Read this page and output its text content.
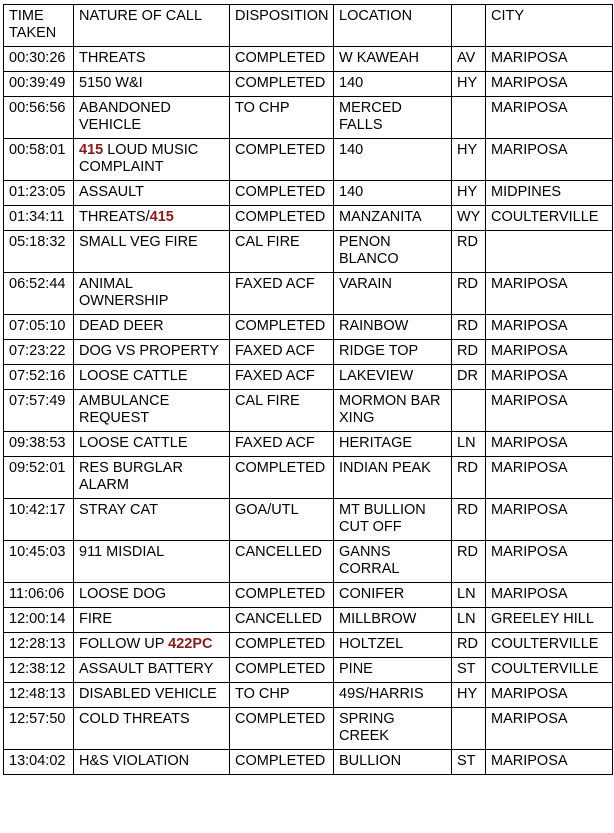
TIME TAKEN	NATURE OF CALL	DISPOSITION	LOCATION		CITY
00:30:26	THREATS	COMPLETED	W KAWEAH	AV	MARIPOSA
00:39:49	5150 W&I	COMPLETED	140	HY	MARIPOSA
00:56:56	ABANDONED VEHICLE	TO CHP	MERCED FALLS		MARIPOSA
00:58:01	415 LOUD MUSIC COMPLAINT	COMPLETED	140	HY	MARIPOSA
01:23:05	ASSAULT	COMPLETED	140	HY	MIDPINES
01:34:11	THREATS/415	COMPLETED	MANZANITA	WY	COULTERVILLE
05:18:32	SMALL VEG FIRE	CAL FIRE	PENON BLANCO	RD	
06:52:44	ANIMAL OWNERSHIP	FAXED ACF	VARAIN	RD	MARIPOSA
07:05:10	DEAD DEER	COMPLETED	RAINBOW	RD	MARIPOSA
07:23:22	DOG VS PROPERTY	FAXED ACF	RIDGE TOP	RD	MARIPOSA
07:52:16	LOOSE CATTLE	FAXED ACF	LAKEVIEW	DR	MARIPOSA
07:57:49	AMBULANCE REQUEST	CAL FIRE	MORMON BAR XING		MARIPOSA
09:38:53	LOOSE CATTLE	FAXED ACF	HERITAGE	LN	MARIPOSA
09:52:01	RES BURGLAR ALARM	COMPLETED	INDIAN PEAK	RD	MARIPOSA
10:42:17	STRAY CAT	GOA/UTL	MT BULLION CUT OFF	RD	MARIPOSA
10:45:03	911 MISDIAL	CANCELLED	GANNS CORRAL	RD	MARIPOSA
11:06:06	LOOSE DOG	COMPLETED	CONIFER	LN	MARIPOSA
12:00:14	FIRE	CANCELLED	MILLBROW	LN	GREELEY HILL
12:28:13	FOLLOW UP 422PC	COMPLETED	HOLTZEL	RD	COULTERVILLE
12:38:12	ASSAULT BATTERY	COMPLETED	PINE	ST	COULTERVILLE
12:48:13	DISABLED VEHICLE	TO CHP	49S/HARRIS	HY	MARIPOSA
12:57:50	COLD THREATS	COMPLETED	SPRING CREEK		MARIPOSA
13:04:02	H&S VIOLATION	COMPLETED	BULLION	ST	MARIPOSA
